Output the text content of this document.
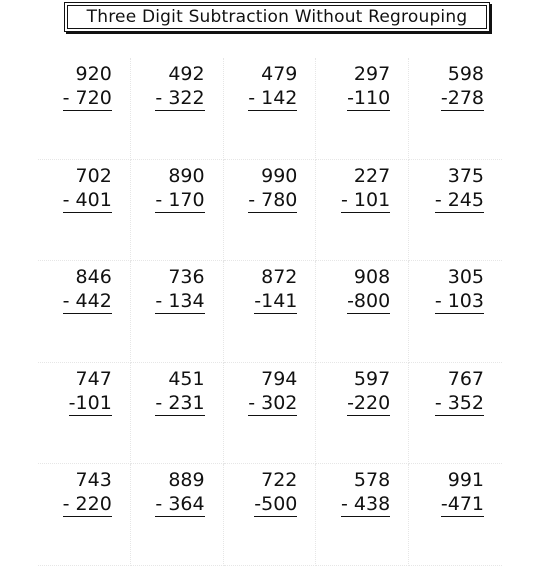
Three Digit Subtraction Without Regrouping
920
- 720
492
- 322
479
- 142
297
-110
598
-278
702
- 401
890
- 170
990
- 780
227
- 101
375
- 245
846
- 442
736
- 134
872
-141
908
-800
305
- 103
747
-101
451
- 231
794
- 302
597
-220
767
- 352
743
- 220
889
- 364
722
-500
578
- 438
991
-471
